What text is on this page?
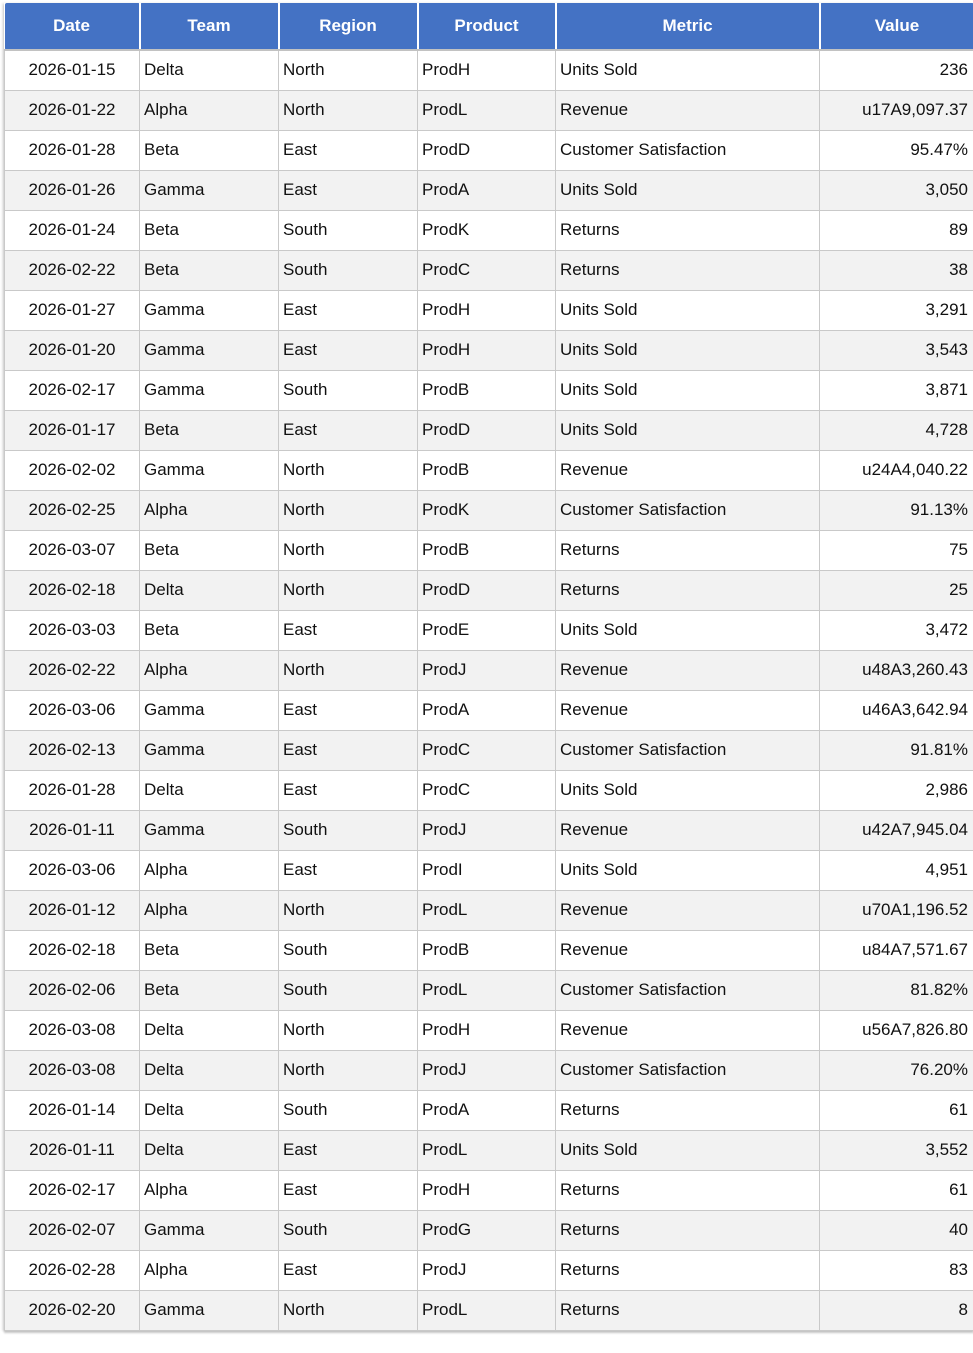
Date	Team	Region	Product	Metric	Value
2026-01-15	Delta	North	ProdH	Units Sold	236
2026-01-22	Alpha	North	ProdL	Revenue	u17A9,097.37
2026-01-28	Beta	East	ProdD	Customer Satisfaction	95.47%
2026-01-26	Gamma	East	ProdA	Units Sold	3,050
2026-01-24	Beta	South	ProdK	Returns	89
2026-02-22	Beta	South	ProdC	Returns	38
2026-01-27	Gamma	East	ProdH	Units Sold	3,291
2026-01-20	Gamma	East	ProdH	Units Sold	3,543
2026-02-17	Gamma	South	ProdB	Units Sold	3,871
2026-01-17	Beta	East	ProdD	Units Sold	4,728
2026-02-02	Gamma	North	ProdB	Revenue	u24A4,040.22
2026-02-25	Alpha	North	ProdK	Customer Satisfaction	91.13%
2026-03-07	Beta	North	ProdB	Returns	75
2026-02-18	Delta	North	ProdD	Returns	25
2026-03-03	Beta	East	ProdE	Units Sold	3,472
2026-02-22	Alpha	North	ProdJ	Revenue	u48A3,260.43
2026-03-06	Gamma	East	ProdA	Revenue	u46A3,642.94
2026-02-13	Gamma	East	ProdC	Customer Satisfaction	91.81%
2026-01-28	Delta	East	ProdC	Units Sold	2,986
2026-01-11	Gamma	South	ProdJ	Revenue	u42A7,945.04
2026-03-06	Alpha	East	ProdI	Units Sold	4,951
2026-01-12	Alpha	North	ProdL	Revenue	u70A1,196.52
2026-02-18	Beta	South	ProdB	Revenue	u84A7,571.67
2026-02-06	Beta	South	ProdL	Customer Satisfaction	81.82%
2026-03-08	Delta	North	ProdH	Revenue	u56A7,826.80
2026-03-08	Delta	North	ProdJ	Customer Satisfaction	76.20%
2026-01-14	Delta	South	ProdA	Returns	61
2026-01-11	Delta	East	ProdL	Units Sold	3,552
2026-02-17	Alpha	East	ProdH	Returns	61
2026-02-07	Gamma	South	ProdG	Returns	40
2026-02-28	Alpha	East	ProdJ	Returns	83
2026-02-20	Gamma	North	ProdL	Returns	8
